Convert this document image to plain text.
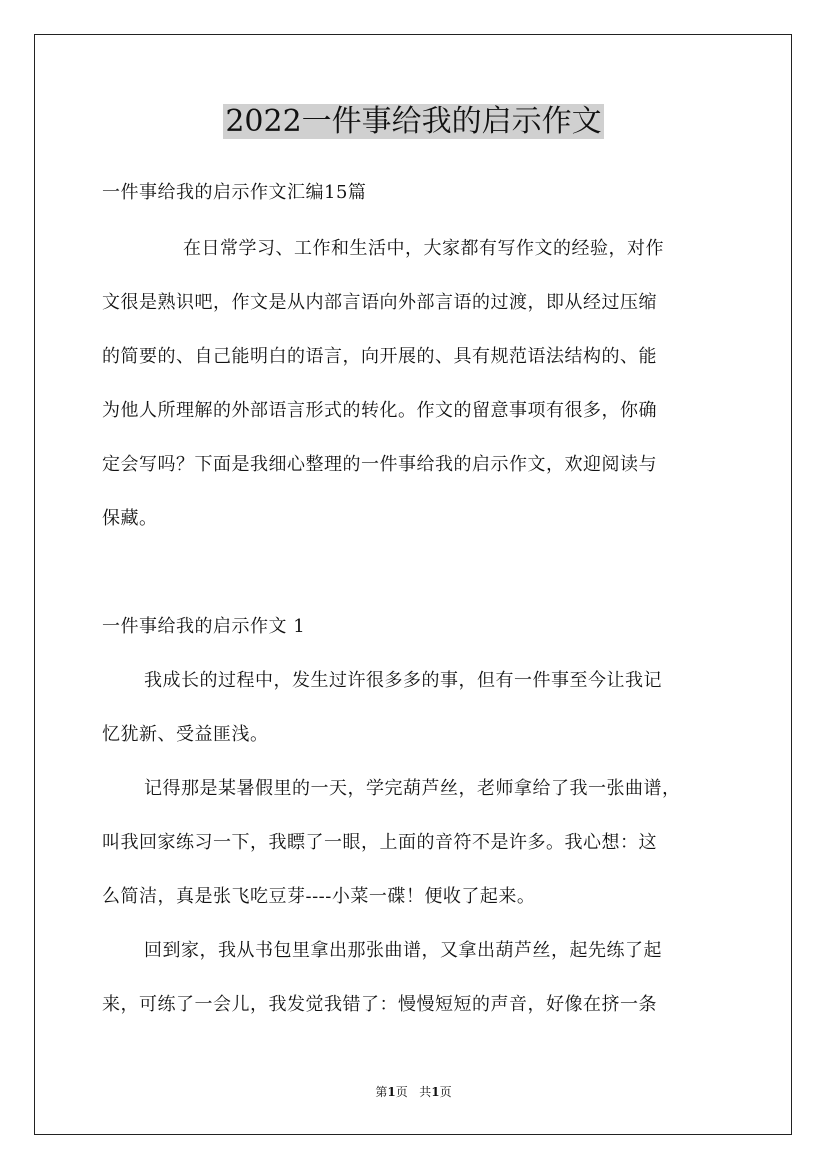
2022一件事给我的启示作文
一件事给我的启示作文汇编15篇
在日常学习、工作和生活中，大家都有写作文的经验，对作
文很是熟识吧，作文是从内部言语向外部言语的过渡，即从经过压缩
的简要的、自己能明白的语言，向开展的、具有规范语法结构的、能
为他人所理解的外部语言形式的转化。作文的留意事项有很多，你确
定会写吗？下面是我细心整理的一件事给我的启示作文，欢迎阅读与
保藏。
一件事给我的启示作文 1
我成长的过程中，发生过许很多多的事，但有一件事至今让我记
忆犹新、受益匪浅。
记得那是某暑假里的一天，学完葫芦丝，老师拿给了我一张曲谱，
叫我回家练习一下，我瞟了一眼，上面的音符不是许多。我心想：这
么简洁，真是张飞吃豆芽----小菜一碟！便收了起来。
回到家，我从书包里拿出那张曲谱，又拿出葫芦丝，起先练了起
来，可练了一会儿，我发觉我错了：慢慢短短的声音，好像在挤一条
第1页   共1页
